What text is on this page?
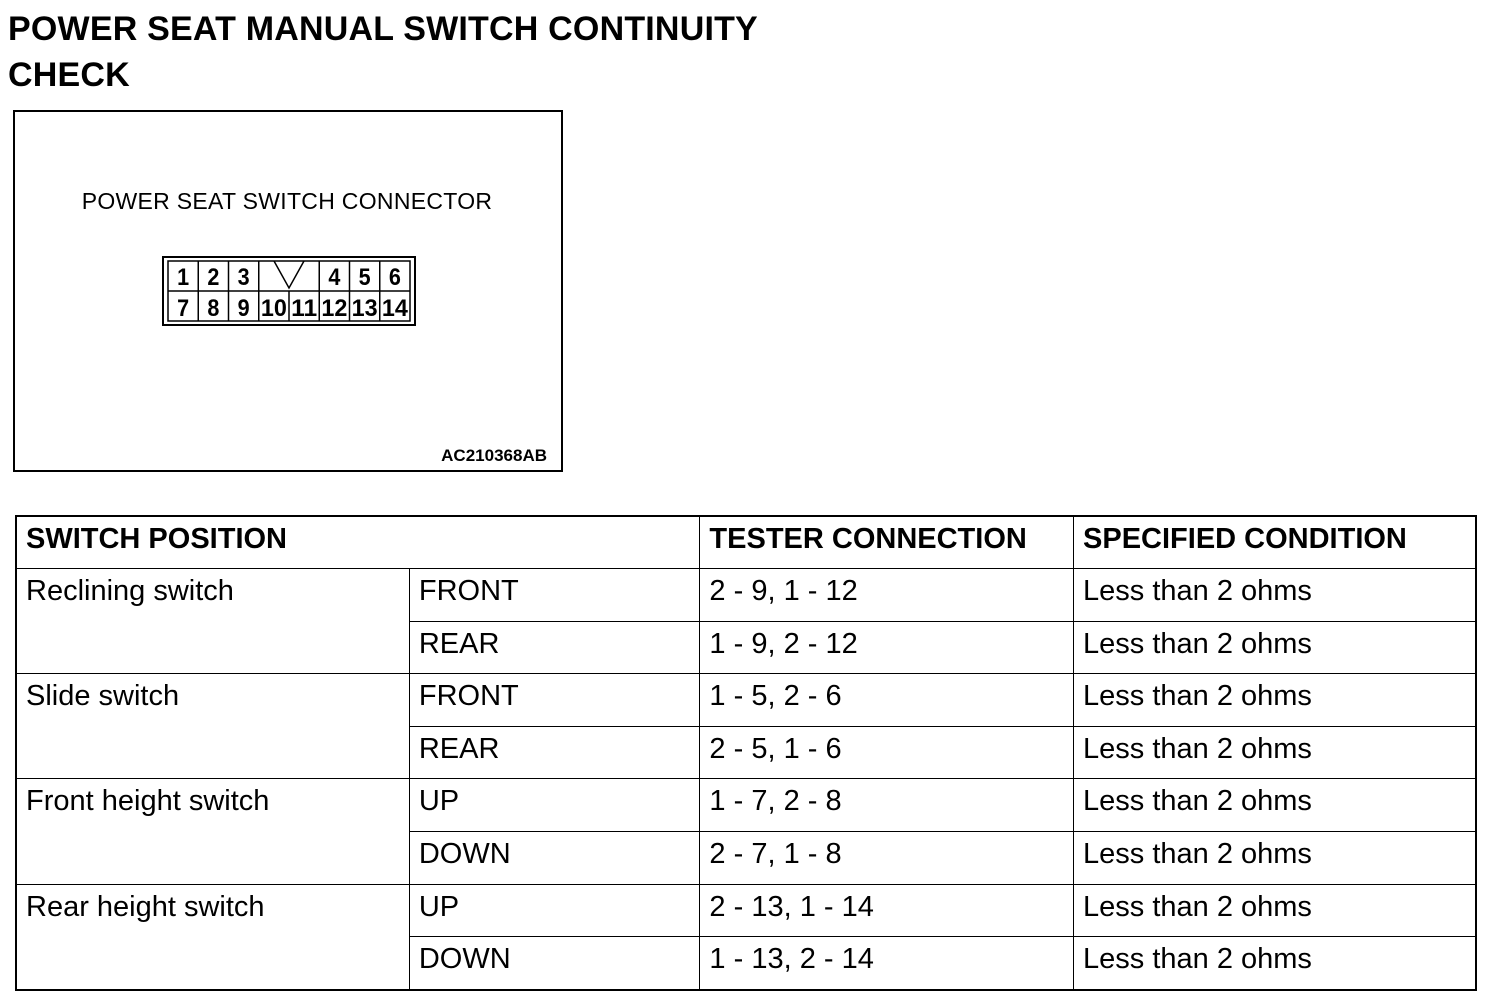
POWER SEAT MANUAL SWITCH CONTINUITY
CHECK
POWER SEAT SWITCH CONNECTOR
1 2 3	4 5 6
7 8 9 10 11 12 13 14
AC210368AB
SWITCH POSITION		TESTER CONNECTION	SPECIFIED CONDITION
Reclining switch	FRONT	2 - 9, 1 - 12	Less than 2 ohms
	REAR	1 - 9, 2 - 12	Less than 2 ohms
Slide switch	FRONT	1 - 5, 2 - 6	Less than 2 ohms
	REAR	2 - 5, 1 - 6	Less than 2 ohms
Front height switch	UP	1 - 7, 2 - 8	Less than 2 ohms
	DOWN	2 - 7, 1 - 8	Less than 2 ohms
Rear height switch	UP	2 - 13, 1 - 14	Less than 2 ohms
	DOWN	1 - 13, 2 - 14	Less than 2 ohms
